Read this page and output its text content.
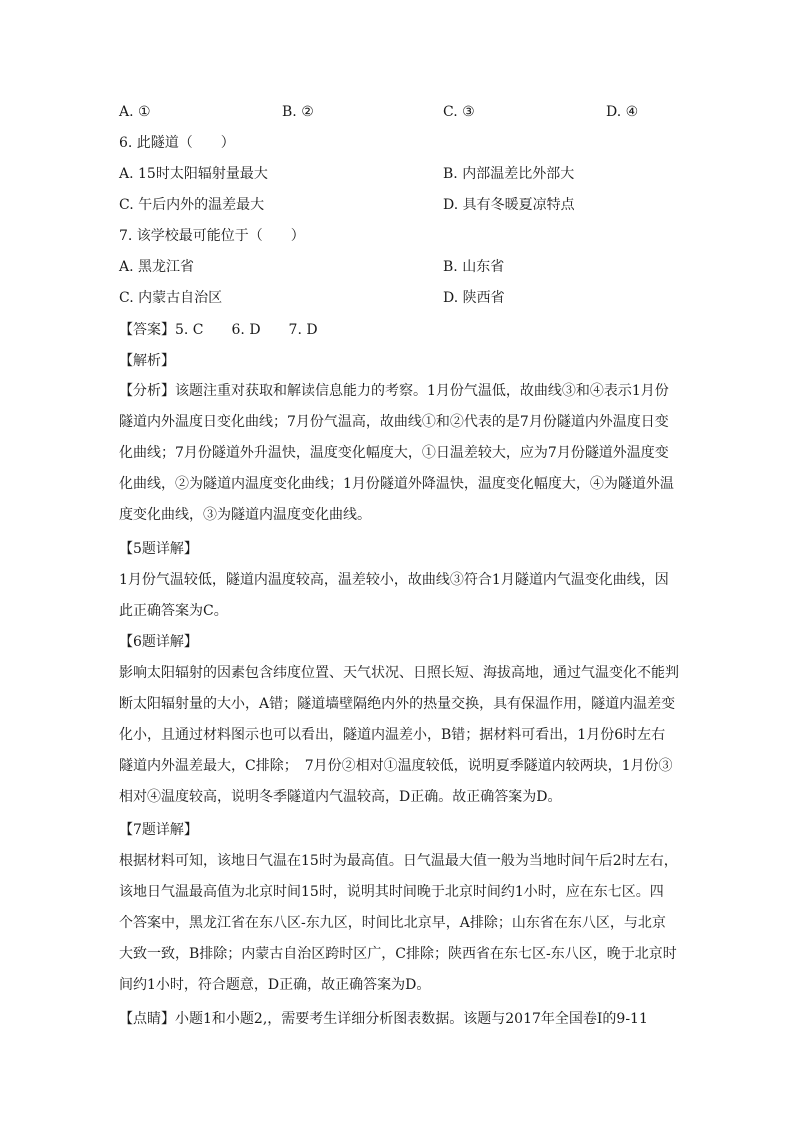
A. ①	B. ②	C. ③	D. ④
6. 此隧道（　　）
A. 15时太阳辐射量最大	B. 内部温差比外部大
C. 午后内外的温差最大	D. 具有冬暖夏凉特点
7. 该学校最可能位于（　　）
A. 黑龙江省	B. 山东省
C. 内蒙古自治区	D. 陕西省
【答案】5. C　　6. D　　7. D
【解析】
【分析】该题注重对获取和解读信息能力的考察。1月份气温低，故曲线③和④表示1月份
隧道内外温度日变化曲线；7月份气温高，故曲线①和②代表的是7月份隧道内外温度日变
化曲线；7月份隧道外升温快，温度变化幅度大，①日温差较大，应为7月份隧道外温度变
化曲线，②为隧道内温度变化曲线；1月份隧道外降温快，温度变化幅度大，④为隧道外温
度变化曲线，③为隧道内温度变化曲线。
【5题详解】
1月份气温较低，隧道内温度较高，温差较小，故曲线③符合1月隧道内气温变化曲线，因
此正确答案为C。
【6题详解】
影响太阳辐射的因素包含纬度位置、天气状况、日照长短、海拔高地，通过气温变化不能判
断太阳辐射量的大小，A错；隧道墙壁隔绝内外的热量交换，具有保温作用，隧道内温差变
化小，且通过材料图示也可以看出，隧道内温差小，B错；据材料可看出，1月份6时左右
隧道内外温差最大，C排除；　7月份②相对①温度较低，说明夏季隧道内较两块，1月份③
相对④温度较高，说明冬季隧道内气温较高，D正确。故正确答案为D。
【7题详解】
根据材料可知，该地日气温在15时为最高值。日气温最大值一般为当地时间午后2时左右，
该地日气温最高值为北京时间15时，说明其时间晚于北京时间约1小时，应在东七区。四
个答案中，黑龙江省在东八区-东九区，时间比北京早，A排除；山东省在东八区，与北京
大致一致，B排除；内蒙古自治区跨时区广，C排除；陕西省在东七区-东八区，晚于北京时
间约1小时，符合题意，D正确，故正确答案为D。
【点睛】小题1和小题2,，需要考生详细分析图表数据。该题与2017年全国卷Ⅰ的9-11
